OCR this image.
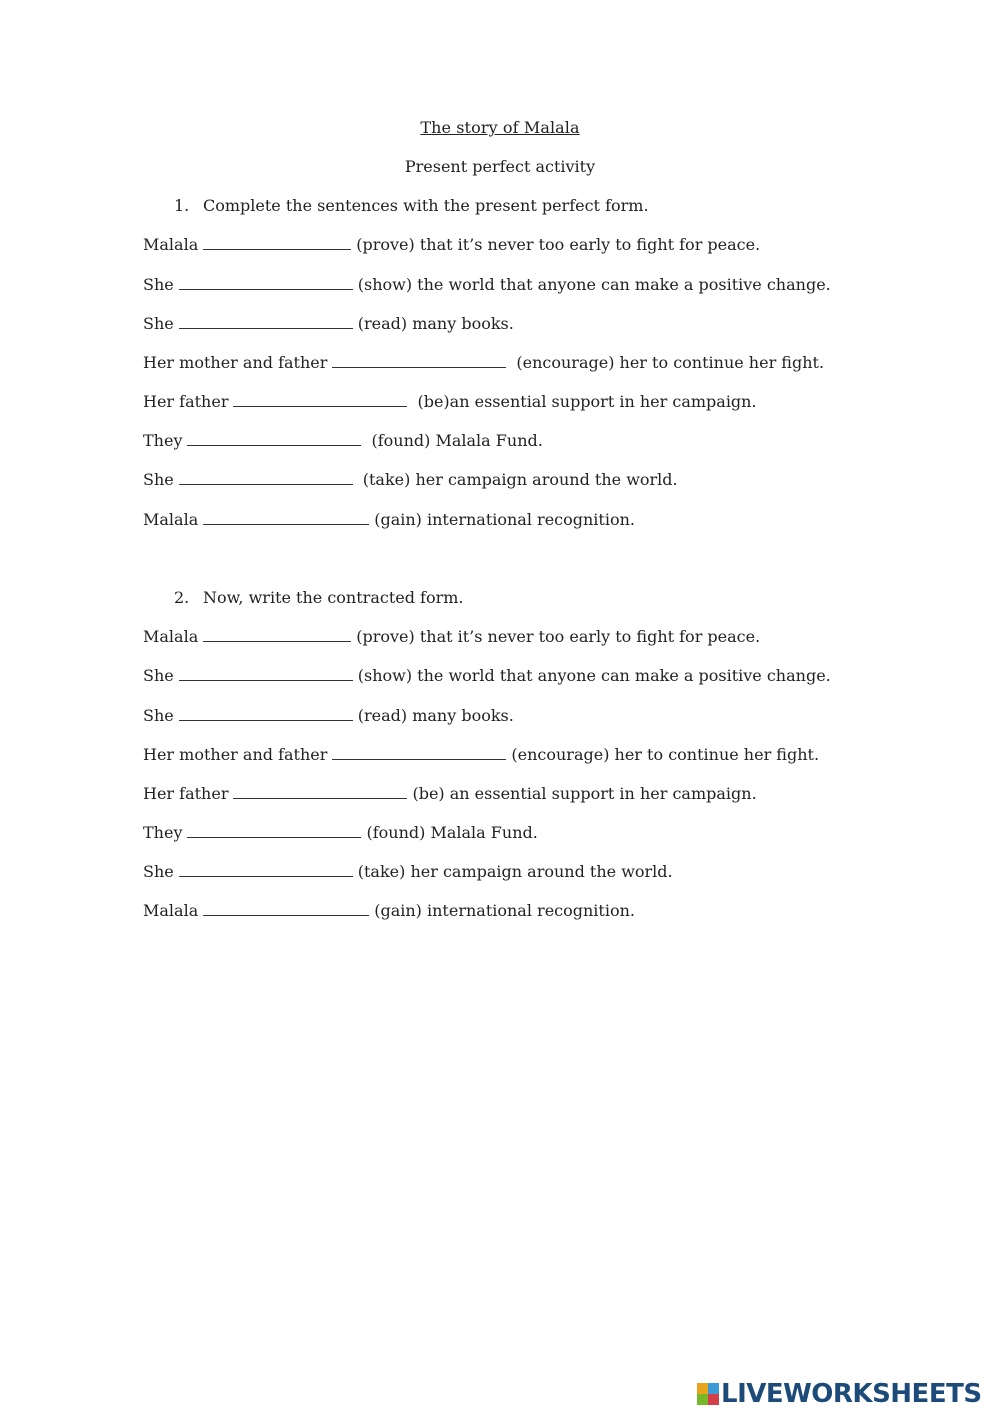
The story of Malala
Present perfect activity
1. Complete the sentences with the present perfect form.
Malala	(prove) that it’s never too early to fight for peace.
She	(show) the world that anyone can make a positive change.
She	(read) many books.
Her mother and father	(encourage) her to continue her fight.
Her father	(be)an essential support in her campaign.
They	(found) Malala Fund.
She	(take) her campaign around the world.
Malala	(gain) international recognition.
2. Now, write the contracted form.
Malala	(prove) that it’s never too early to fight for peace.
She	(show) the world that anyone can make a positive change.
She	(read) many books.
Her mother and father	(encourage) her to continue her fight.
Her father	(be) an essential support in her campaign.
They	(found) Malala Fund.
She	(take) her campaign around the world.
Malala	(gain) international recognition.
LIVEWORKSHEETS
